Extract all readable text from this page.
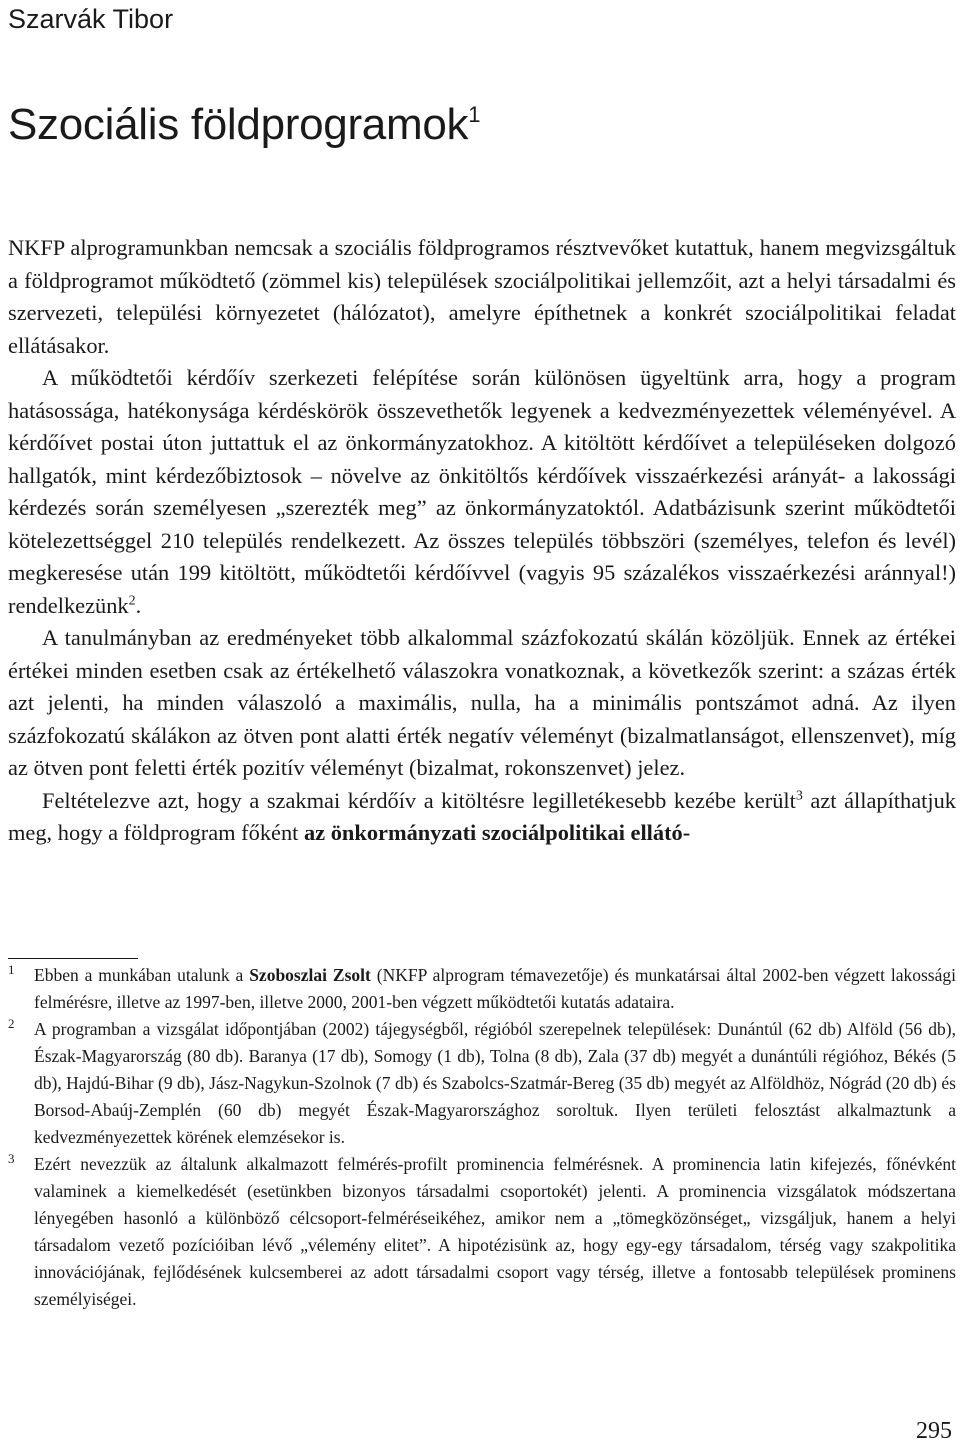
Szarvák Tibor
Szociális földprogramok$^1$

NKFP alprogramunkban nemcsak a szociális földprogramos résztvevőket kutattuk, hanem megvizsgáltuk a földprogramot működtető (zömmel kis) települések szociálpolitikai jellemzőit, azt a helyi társadalmi és szervezeti, települési környezetet (hálózatot), amelyre építhetnek a konkrét szociálpolitikai feladat ellátásakor.

A működtetői kérdőív szerkezeti felépítése során különösen ügyeltünk arra, hogy a program hatásossága, hatékonysága kérdéskörök összevethetők legyenek a kedvezményezettek véleményével. A kérdőívet postai úton juttattuk el az önkormányzatokhoz. A kitöltött kérdőívet a településeken dolgozó hallgatók, mint kérdezőbiztosok – növelve az önkitöltős kérdőívek visszaérkezési arányát- a lakossági kérdezés során személyesen „szerezték meg” az önkormányzatoktól. Adatbázisunk szerint működtetői kötelezettséggel 210 település rendelkezett. Az összes település többszöri (személyes, telefon és levél) megkeresése után 199 kitöltött, működtetői kérdőívvel (vagyis 95 százalékos visszaérkezési aránnyal!) rendelkezünk$^2$.

A tanulmányban az eredményeket több alkalommal százfokozatú skálán közöljük. Ennek az értékei értékei minden esetben csak az értékelhető válaszokra vonatkoznak, a következők szerint: a százas érték azt jelenti, ha minden válaszoló a maximális, nulla, ha a minimális pontszámot adná. Az ilyen százfokozatú skálákon az ötven pont alatti érték negatív véleményt (bizalmatlanságot, ellenszenvet), míg az ötven pont feletti érték pozitív véleményt (bizalmat, rokonszenvet) jelez.

Feltételezve azt, hogy a szakmai kérdőív a kitöltésre legilletékesebb kezébe került$^3$ azt állapíthatjuk meg, hogy a földprogram főként az önkormányzati szociálpolitikai ellátó-

1 Ebben a munkában utalunk a Szoboszlai Zsolt (NKFP alprogram témavezetője) és munkatársai által 2002-ben végzett lakossági felmérésre, illetve az 1997-ben, illetve 2000, 2001-ben végzett működtetői kutatás adataira.

2 A programban a vizsgálat időpontjában (2002) tájegységből, régióból szerepelnek települések: Dunántúl (62 db) Alföld (56 db), Észak-Magyarország (80 db). Baranya (17 db), Somogy (1 db), Tolna (8 db), Zala (37 db) megyét a dunántúli régióhoz, Békés (5 db), Hajdú-Bihar (9 db), Jász-Nagykun-Szolnok (7 db) és Szabolcs-Szatmár-Bereg (35 db) megyét az Alföldhöz, Nógrád (20 db) és Borsod-Abaúj-Zemplén (60 db) megyét Észak-Magyarországhoz soroltuk. Ilyen területi felosztást alkalmaztunk a kedvezményezettek körének elemzésekor is.

3 Ezért nevezzük az általunk alkalmazott felmérés-profilt prominencia felmérésnek. A prominencia latin kifejezés, főnévként valaminek a kiemelkedését (esetünkben bizonyos társadalmi csoportokét) jelenti. A prominencia vizsgálatok módszertana lényegében hasonló a különböző célcsoport-felméréseikéhez, amikor nem a „tömegközönséget„ vizsgáljuk, hanem a helyi társadalom vezető pozícióiban lévő „vélemény elitet”. A hipotézisünk az, hogy egy-egy társadalom, térség vagy szakpolitika innovációjának, fejlődésének kulcsemberei az adott társadalmi csoport vagy térség, illetve a fontosabb települések prominens személyiségei.

295
